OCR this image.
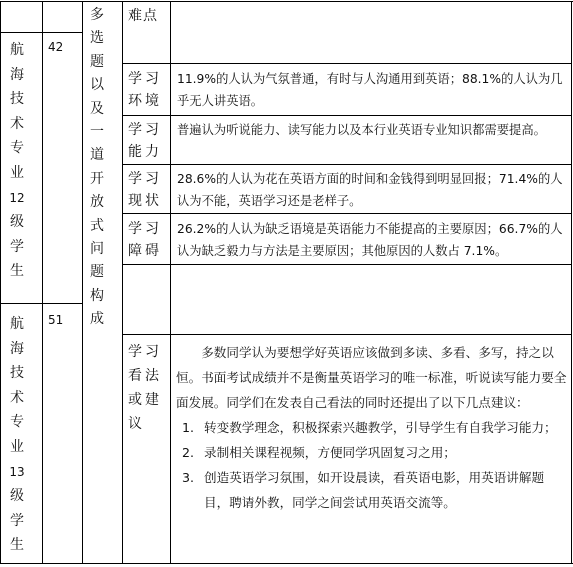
航
海
技
术
专
业
12
级
学
生
42
航
海
技
术
专
业
13
级
学
生
51
多
选
题
以
及
一
道
开
放
式
问
题
构
成
难点
学习
环境
11.9%的人认为气氛普通，有时与人沟通用到英语；88.1%的人认为几乎无人讲英语。
学习
能力
普遍认为听说能力、读写能力以及本行业英语专业知识都需要提高。
学习
现状
28.6%的人认为花在英语方面的时间和金钱得到明显回报；71.4%的人认为不能，英语学习还是老样子。
学习
障碍
26.2%的人认为缺乏语境是英语能力不能提高的主要原因；66.7%的人认为缺乏毅力与方法是主要原因；其他原因的人数占 7.1%。
学习
看法
或建
议
多数同学认为要想学好英语应该做到多读、多看、多写，持之以恒。书面考试成绩并不是衡量英语学习的唯一标准，听说读写能力要全面发展。同学们在发表自己看法的同时还提出了以下几点建议：
1. 转变教学理念，积极探索兴趣教学，引导学生有自我学习能力；
2. 录制相关课程视频，方便同学巩固复习之用；
3. 创造英语学习氛围，如开设晨读，看英语电影，用英语讲解题目，聘请外教，同学之间尝试用英语交流等。
